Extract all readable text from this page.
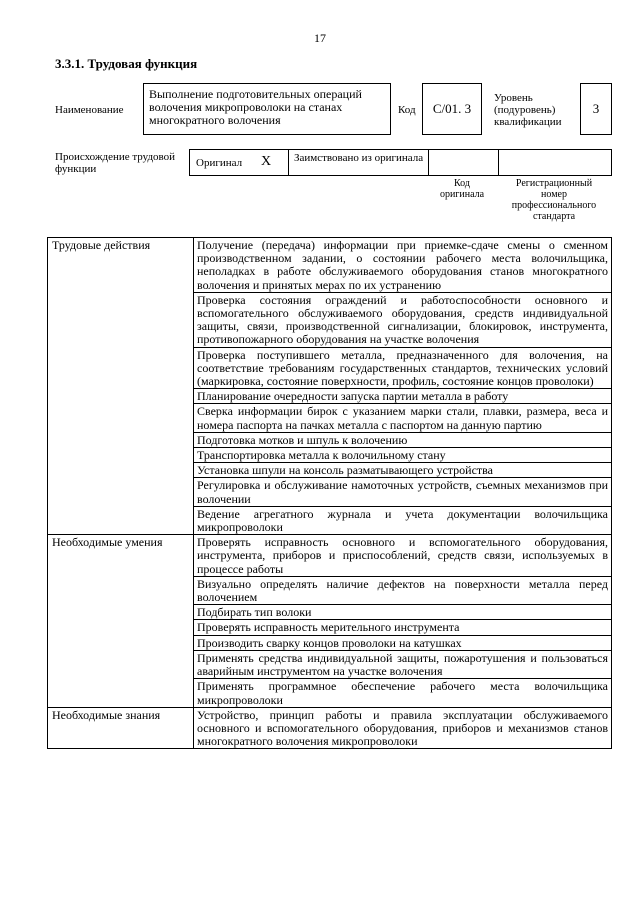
17
3.3.1. Трудовая функция
Наименование
Выполнение подготовительных операций волочения микропроволоки на станах многократного волочения
Код	С/01. 3
Уровень (подуровень) квалификации
3
Происхождение трудовой функции	Оригинал Х Заимствовано из оригинала
Код оригинала
Регистрационный номер профессионального стандарта
Трудовые действия	Получение (передача) информации при приемке-сдаче смены о сменном производственном задании, о состоянии рабочего места волочильщика, неполадках в работе обслуживаемого оборудования станов многократного волочения и принятых мерах по их устранению
	Проверка состояния ограждений и работоспособности основного и вспомогательного обслуживаемого оборудования, средств индивидуальной защиты, связи, производственной сигнализации, блокировок, инструмента, противопожарного оборудования на участке волочения
	Проверка поступившего металла, предназначенного для волочения, на соответствие требованиям государственных стандартов, технических условий (маркировка, состояние поверхности, профиль, состояние концов проволоки)
	Планирование очередности запуска партии металла в работу
	Сверка информации бирок с указанием марки стали, плавки, размера, веса и номера паспорта на пачках металла с паспортом на данную партию
	Подготовка мотков и шпуль к волочению
	Транспортировка металла к волочильному стану
	Установка шпули на консоль разматывающего устройства
	Регулировка и обслуживание намоточных устройств, съемных механизмов при волочении
	Ведение агрегатного журнала и учета документации волочильщика микропроволоки
Необходимые умения	Проверять исправность основного и вспомогательного оборудования, инструмента, приборов и приспособлений, средств связи, используемых в процессе работы
	Визуально определять наличие дефектов на поверхности металла перед волочением
	Подбирать тип волоки
	Проверять исправность мерительного инструмента
	Производить сварку концов проволоки на катушках
	Применять средства индивидуальной защиты, пожаротушения и пользоваться аварийным инструментом на участке волочения
	Применять программное обеспечение рабочего места волочильщика микропроволоки
Необходимые знания	Устройство, принцип работы и правила эксплуатации обслуживаемого основного и вспомогательного оборудования, приборов и механизмов станов многократного волочения микропроволоки
